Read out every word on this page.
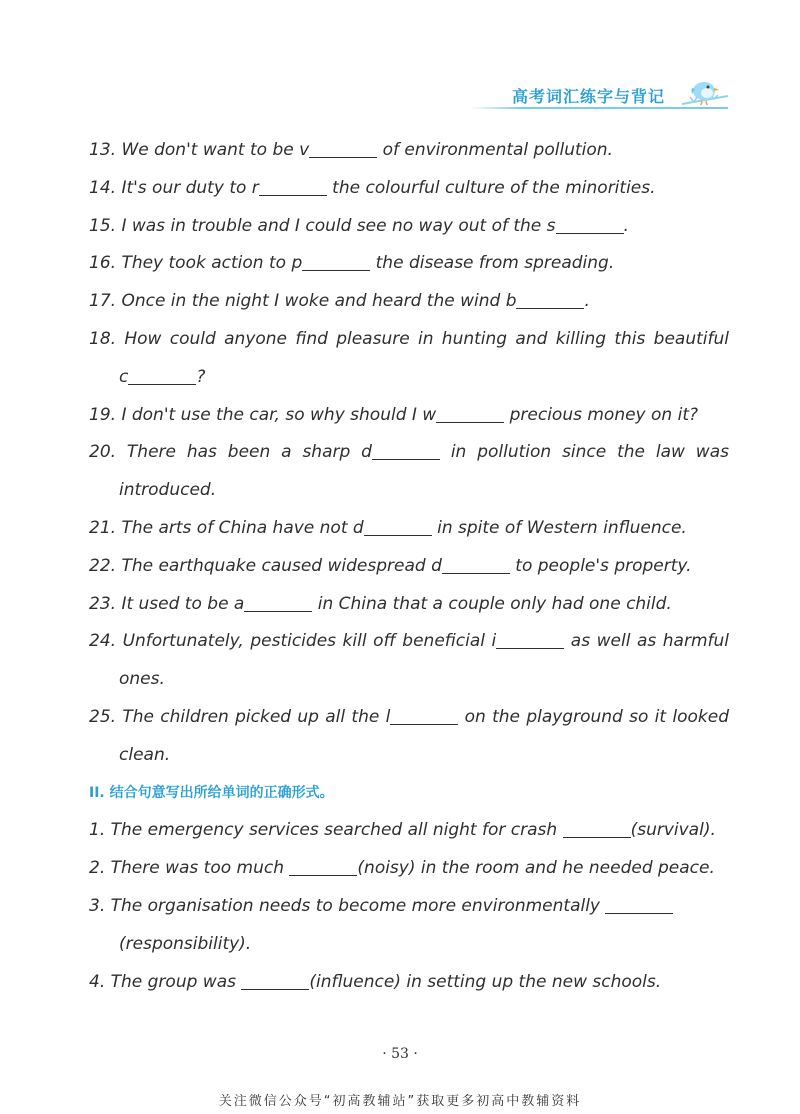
高考词汇练字与背记
13. We don't want to be v	of environmental pollution.
14. It's our duty to r	the colourful culture of the minorities.
15. I was in trouble and I could see no way out of the s	.
16. They took action to p	the disease from spreading.
17. Once in the night I woke and heard the wind b	.
18. How could anyone find pleasure in hunting and killing this beautiful
c	?
19. I don't use the car, so why should I w	precious money on it?
20. There has been a sharp d	in pollution since the law was
introduced.
21. The arts of China have not d	in spite of Western influence.
22. The earthquake caused widespread d	to people's property.
23. It used to be a	in China that a couple only had one child.
24. Unfortunately, pesticides kill off beneficial i	as well as harmful
ones.
25. The children picked up all the l	on the playground so it looked
clean.
II. 结合句意写出所给单词的正确形式。
1. The emergency services searched all night for crash	(survival).
2. There was too much	(noisy) in the room and he needed peace.
3. The organisation needs to become more environmentally
(responsibility).
4. The group was	(influence) in setting up the new schools.
· 53 ·
关注微信公众号“初高教辅站”获取更多初高中教辅资料
